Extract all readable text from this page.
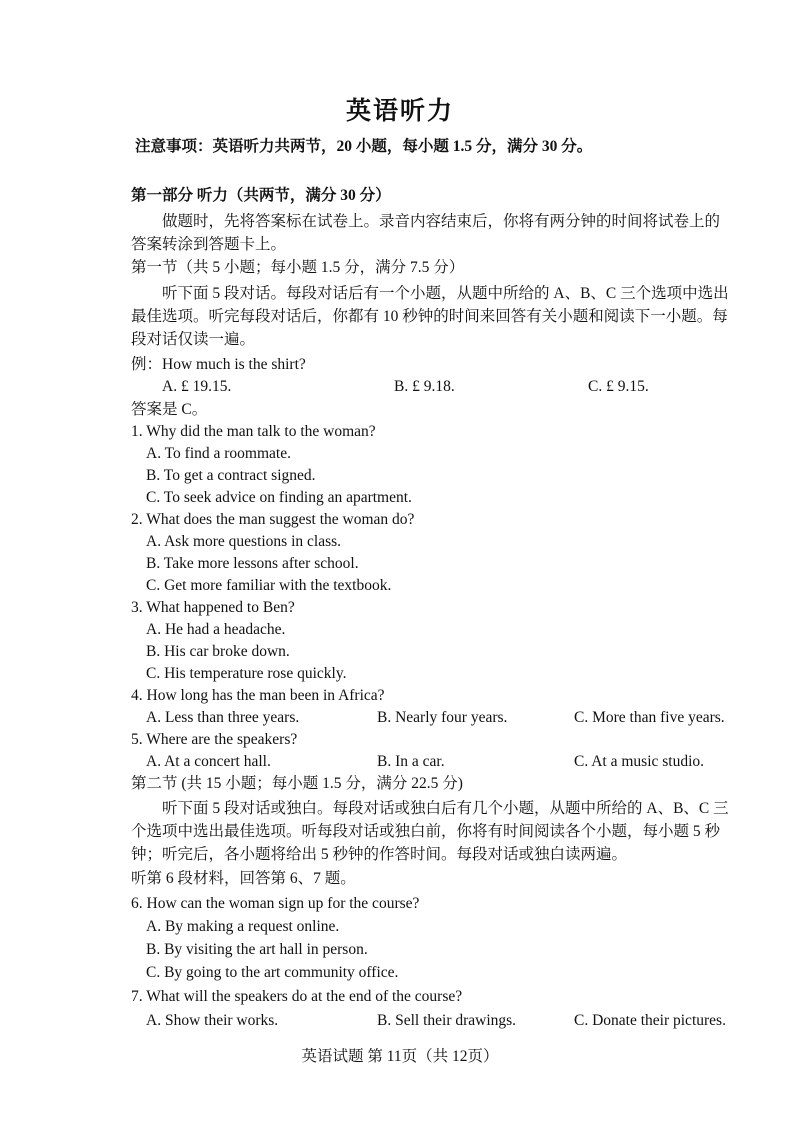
英语听力
注意事项：英语听力共两节，20 小题，每小题 1.5 分，满分 30 分。
第一部分 听力（共两节，满分 30 分）
做题时，先将答案标在试卷上。录音内容结束后，你将有两分钟的时间将试卷上的
答案转涂到答题卡上。
第一节（共 5 小题；每小题 1.5 分，满分 7.5 分）
听下面 5 段对话。每段对话后有一个小题，从题中所给的 A、B、C 三个选项中选出
最佳选项。听完每段对话后，你都有 10 秒钟的时间来回答有关小题和阅读下一小题。每
段对话仅读一遍。
例：How much is the shirt?
A. £ 19.15.	B. £ 9.18.	C. £ 9.15.
答案是 C。
1. Why did the man talk to the woman?
A. To find a roommate.
B. To get a contract signed.
C. To seek advice on finding an apartment.
2. What does the man suggest the woman do?
A. Ask more questions in class.
B. Take more lessons after school.
C. Get more familiar with the textbook.
3. What happened to Ben?
A. He had a headache.
B. His car broke down.
C. His temperature rose quickly.
4. How long has the man been in Africa?
A. Less than three years.	B. Nearly four years.	C. More than five years.
5. Where are the speakers?
A. At a concert hall.	B. In a car.	C. At a music studio.
第二节 (共 15 小题；每小题 1.5 分，满分 22.5 分)
听下面 5 段对话或独白。每段对话或独白后有几个小题，从题中所给的 A、B、C 三
个选项中选出最佳选项。听每段对话或独白前，你将有时间阅读各个小题，每小题 5 秒
钟；听完后，各小题将给出 5 秒钟的作答时间。每段对话或独白读两遍。
听第 6 段材料，回答第 6、7 题。
6. How can the woman sign up for the course?
A. By making a request online.
B. By visiting the art hall in person.
C. By going to the art community office.
7. What will the speakers do at the end of the course?
A. Show their works.	B. Sell their drawings.	C. Donate their pictures.
英语试题 第 11页（共 12页）
